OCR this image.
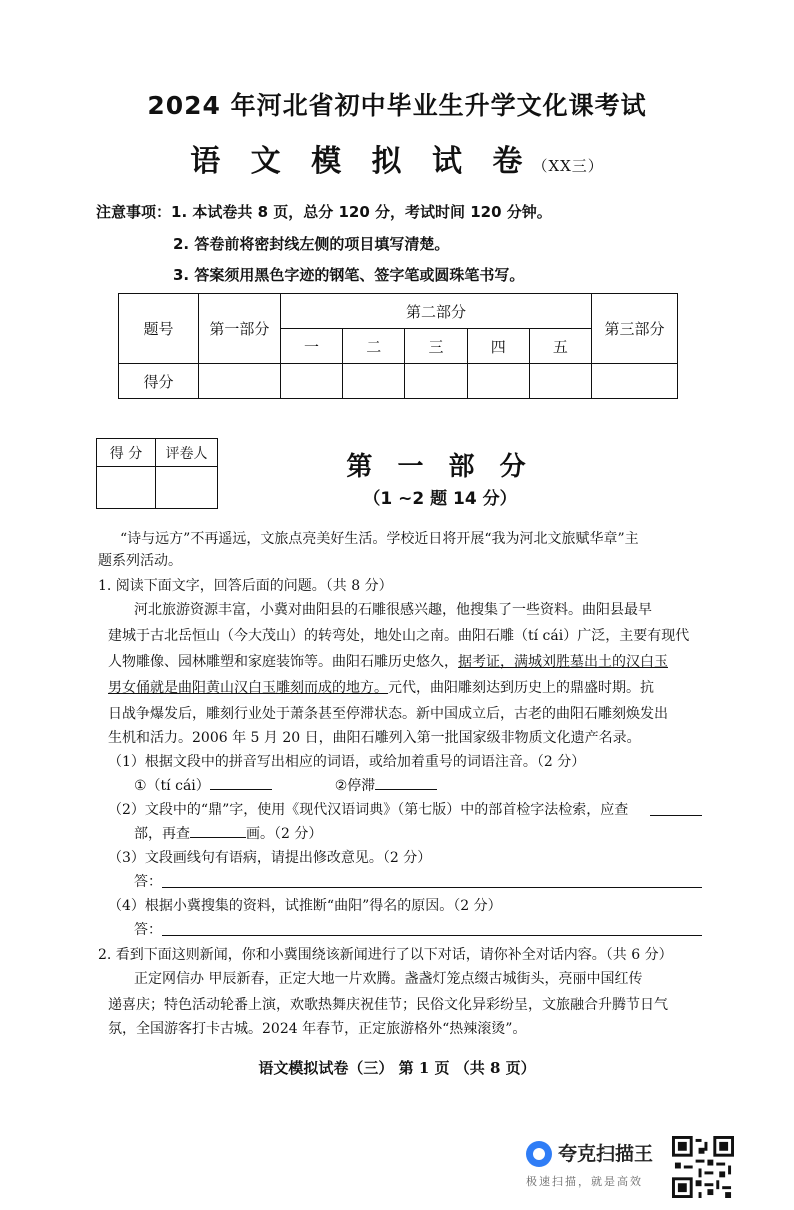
2024 年河北省初中毕业生升学文化课考试
语 文 模 拟 试 卷（XX三）
注意事项：1. 本试卷共 8 页，总分 120 分，考试时间 120 分钟。
2. 答卷前将密封线左侧的项目填写清楚。
3. 答案须用黑色字迹的钢笔、签字笔或圆珠笔书写。
题号	第一部分	第二部分					第三部分
		一	二	三	四	五	
得分							
得 分	评卷人
		第 一 部 分
（1 ~2 题 14 分）
“诗与远方”不再遥远，文旅点亮美好生活。学校近日将开展“我为河北文旅赋华章”主
题系列活动。
1. 阅读下面文字，回答后面的问题。（共 8 分）
河北旅游资源丰富，小冀对曲阳县的石雕很感兴趣，他搜集了一些资料。曲阳县最早
建城于古北岳恒山（今大茂山）的转弯处，地处山之南。曲阳石雕（tí cái）广泛，主要有现代
人物雕像、园林雕塑和家庭装饰等。曲阳石雕历史悠久，据考证，满城刘胜墓出土的汉白玉
男女俑就是曲阳黄山汉白玉雕刻而成的地方。元代，曲阳雕刻达到历史上的鼎盛时期。抗
日战争爆发后，雕刻行业处于萧条甚至停滞状态。新中国成立后，古老的曲阳石雕刻焕发出
生机和活力。2006 年 5 月 20 日，曲阳石雕列入第一批国家级非物质文化遗产名录。
（1）根据文段中的拼音写出相应的词语，或给加着重号的词语注音。（2 分）
①（tí cái）	②停滞
（2）文段中的“鼎”字，使用《现代汉语词典》（第七版）中的部首检字法检索，应查
部，再查	画。（2 分）
（3）文段画线句有语病，请提出修改意见。（2 分）
答：
（4）根据小冀搜集的资料，试推断“曲阳”得名的原因。（2 分）
答：
2. 看到下面这则新闻，你和小冀围绕该新闻进行了以下对话，请你补全对话内容。（共 6 分）
正定网信办 甲辰新春，正定大地一片欢腾。盏盏灯笼点缀古城街头，亮丽中国红传
递喜庆；特色活动轮番上演，欢歌热舞庆祝佳节；民俗文化异彩纷呈，文旅融合升腾节日气
氛，全国游客打卡古城。2024 年春节，正定旅游格外“热辣滚烫”。
语文模拟试卷（三） 第 1 页 （共 8 页）
夸克扫描王
极速扫描，就是高效
